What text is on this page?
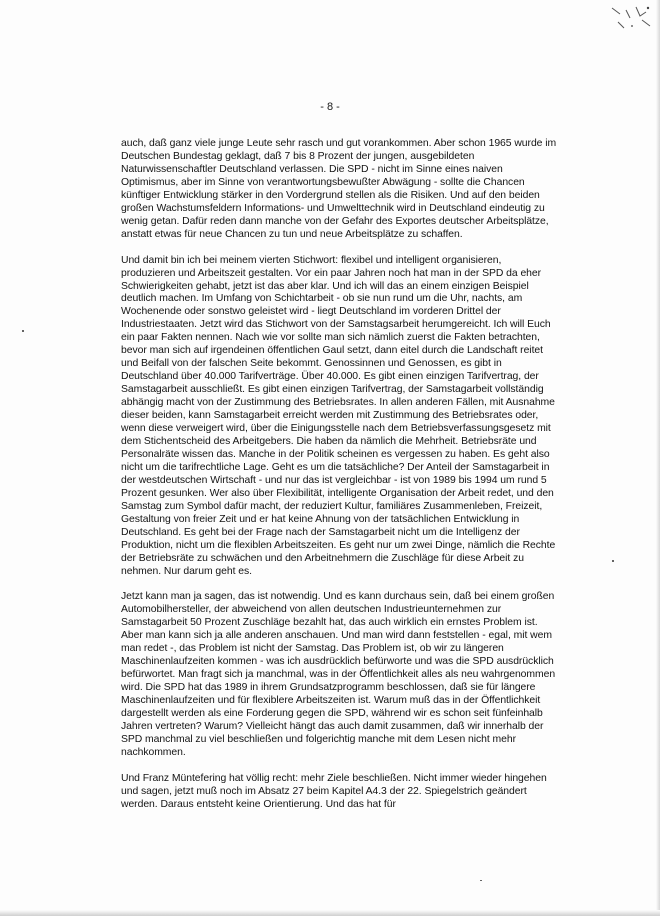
- 8 -

auch, daß ganz viele junge Leute sehr rasch und gut vorankommen. Aber schon 1965 wurde im Deutschen Bundestag geklagt, daß 7 bis 8 Prozent der jungen, ausgebildeten Naturwissenschaftler Deutschland verlassen. Die SPD - nicht im Sinne eines naiven Optimismus, aber im Sinne von verantwortungsbewußter Abwägung - sollte die Chancen künftiger Entwicklung stärker in den Vordergrund stellen als die Risiken. Und auf den beiden großen Wachstumsfeldern Informations- und Umwelttechnik wird in Deutschland eindeutig zu wenig getan. Dafür reden dann manche von der Gefahr des Exportes deutscher Arbeitsplätze, anstatt etwas für neue Chancen zu tun und neue Arbeitsplätze zu schaffen.

Und damit bin ich bei meinem vierten Stichwort: flexibel und intelligent organisieren, produzieren und Arbeitszeit gestalten. Vor ein paar Jahren noch hat man in der SPD da eher Schwierigkeiten gehabt, jetzt ist das aber klar. Und ich will das an einem einzigen Beispiel deutlich machen. Im Umfang von Schichtarbeit - ob sie nun rund um die Uhr, nachts, am Wochenende oder sonstwo geleistet wird - liegt Deutschland im vorderen Drittel der Industriestaaten. Jetzt wird das Stichwort von der Samstagsarbeit herumgereicht. Ich will Euch ein paar Fakten nennen. Nach wie vor sollte man sich nämlich zuerst die Fakten betrachten, bevor man sich auf irgendeinen öffentlichen Gaul setzt, dann eitel durch die Landschaft reitet und Beifall von der falschen Seite bekommt. Genossinnen und Genossen, es gibt in Deutschland über 40.000 Tarifverträge. Über 40.000. Es gibt einen einzigen Tarifvertrag, der Samstagarbeit ausschließt. Es gibt einen einzigen Tarifvertrag, der Samstagarbeit vollständig abhängig macht von der Zustimmung des Betriebsrates. In allen anderen Fällen, mit Ausnahme dieser beiden, kann Samstagarbeit erreicht werden mit Zustimmung des Betriebsrates oder, wenn diese verweigert wird, über die Einigungsstelle nach dem Betriebsverfassungsgesetz mit dem Stichentscheid des Arbeitgebers. Die haben da nämlich die Mehrheit. Betriebsräte und Personalräte wissen das. Manche in der Politik scheinen es vergessen zu haben. Es geht also nicht um die tarifrechtliche Lage. Geht es um die tatsächliche? Der Anteil der Samstagarbeit in der westdeutschen Wirtschaft - und nur das ist vergleichbar - ist von 1989 bis 1994 um rund 5 Prozent gesunken. Wer also über Flexibilität, intelligente Organisation der Arbeit redet, und den Samstag zum Symbol dafür macht, der reduziert Kultur, familiäres Zusammenleben, Freizeit, Gestaltung von freier Zeit und er hat keine Ahnung von der tatsächlichen Entwicklung in Deutschland. Es geht bei der Frage nach der Samstagarbeit nicht um die Intelligenz der Produktion, nicht um die flexiblen Arbeitszeiten. Es geht nur um zwei Dinge, nämlich die Rechte der Betriebsräte zu schwächen und den Arbeitnehmern die Zuschläge für diese Arbeit zu nehmen. Nur darum geht es.

Jetzt kann man ja sagen, das ist notwendig. Und es kann durchaus sein, daß bei einem großen Automobilhersteller, der abweichend von allen deutschen Industrieunternehmen zur Samstagarbeit 50 Prozent Zuschläge bezahlt hat, das auch wirklich ein ernstes Problem ist. Aber man kann sich ja alle anderen anschauen. Und man wird dann feststellen - egal, mit wem man redet -, das Problem ist nicht der Samstag. Das Problem ist, ob wir zu längeren Maschinenlaufzeiten kommen - was ich ausdrücklich befürworte und was die SPD ausdrücklich befürwortet. Man fragt sich ja manchmal, was in der Öffentlichkeit alles als neu wahrgenommen wird. Die SPD hat das 1989 in ihrem Grundsatzprogramm beschlossen, daß sie für längere Maschinenlaufzeiten und für flexiblere Arbeitszeiten ist. Warum muß das in der Öffentlichkeit dargestellt werden als eine Forderung gegen die SPD, während wir es schon seit fünfeinhalb Jahren vertreten? Warum? Vielleicht hängt das auch damit zusammen, daß wir innerhalb der SPD manchmal zu viel beschließen und folgerichtig manche mit dem Lesen nicht mehr nachkommen.

Und Franz Müntefering hat völlig recht: mehr Ziele beschließen. Nicht immer wieder hingehen und sagen, jetzt muß noch im Absatz 27 beim Kapitel A4.3 der 22. Spiegelstrich geändert werden. Daraus entsteht keine Orientierung. Und das hat für
